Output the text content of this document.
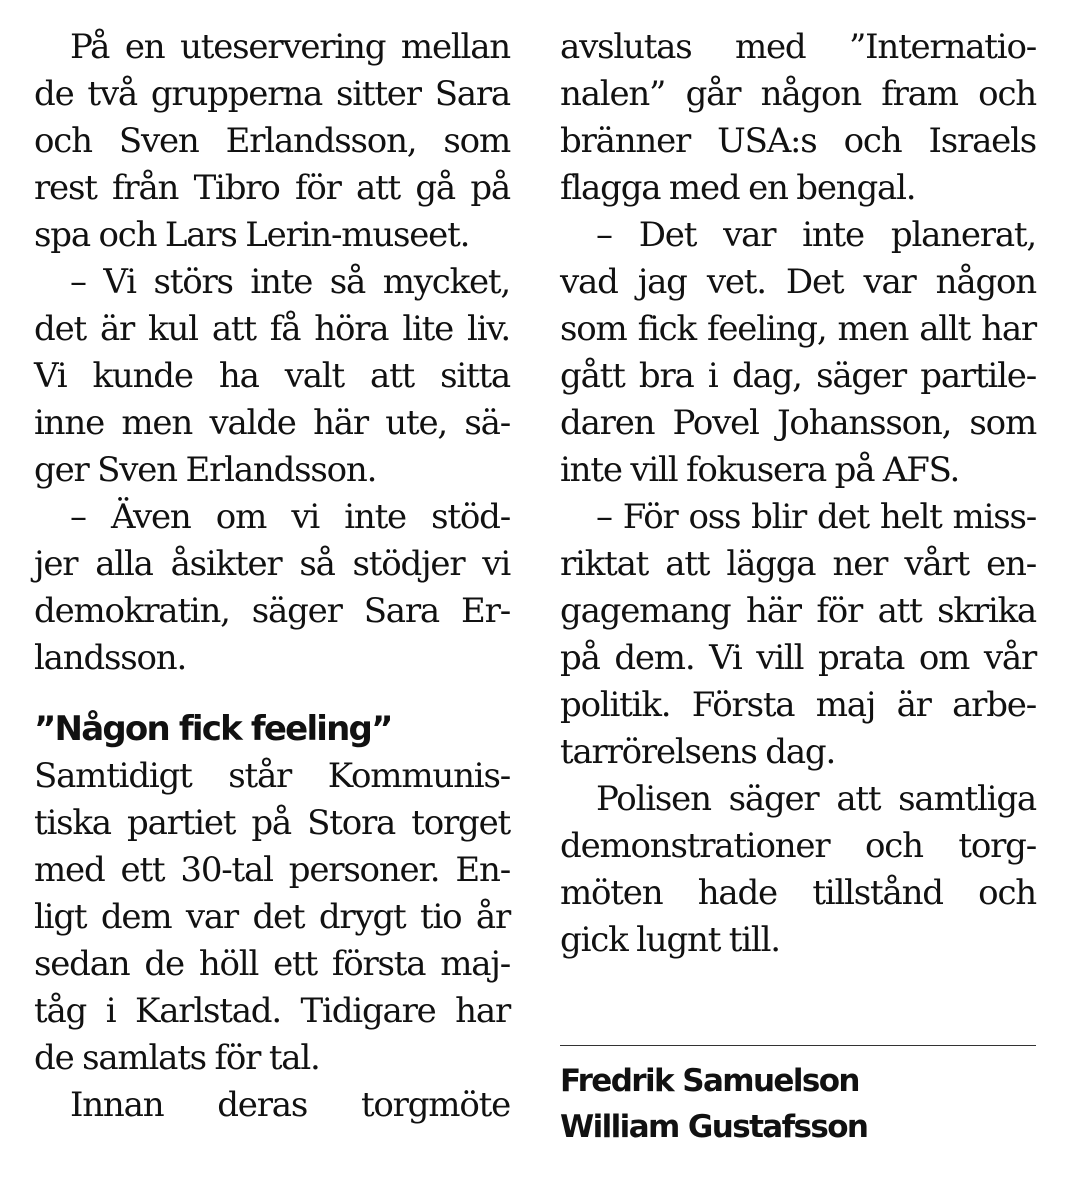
På en uteservering mellan
de två grupperna sitter Sara
och Sven Erlandsson, som
rest från Tibro för att gå på
spa och Lars Lerin-museet.
– Vi störs inte så mycket,
det är kul att få höra lite liv.
Vi kunde ha valt att sitta
inne men valde här ute, sä-
ger Sven Erlandsson.
– Även om vi inte stöd-
jer alla åsikter så stödjer vi
demokratin, säger Sara Er-
landsson.
”Någon fick feeling”
Samtidigt står Kommunis-
tiska partiet på Stora torget
med ett 30-tal personer. En-
ligt dem var det drygt tio år
sedan de höll ett första maj-
tåg i Karlstad. Tidigare har
de samlats för tal.
Innan deras torgmöte
avslutas med ”Internatio-
nalen” går någon fram och
bränner USA:s och Israels
flagga med en bengal.
– Det var inte planerat,
vad jag vet. Det var någon
som fick feeling, men allt har
gått bra i dag, säger partile-
daren Povel Johansson, som
inte vill fokusera på AFS.
– För oss blir det helt miss-
riktat att lägga ner vårt en-
gagemang här för att skrika
på dem. Vi vill prata om vår
politik. Första maj är arbe-
tarrörelsens dag.
Polisen säger att samtliga
demonstrationer och torg-
möten hade tillstånd och
gick lugnt till.
Fredrik Samuelson
William Gustafsson
